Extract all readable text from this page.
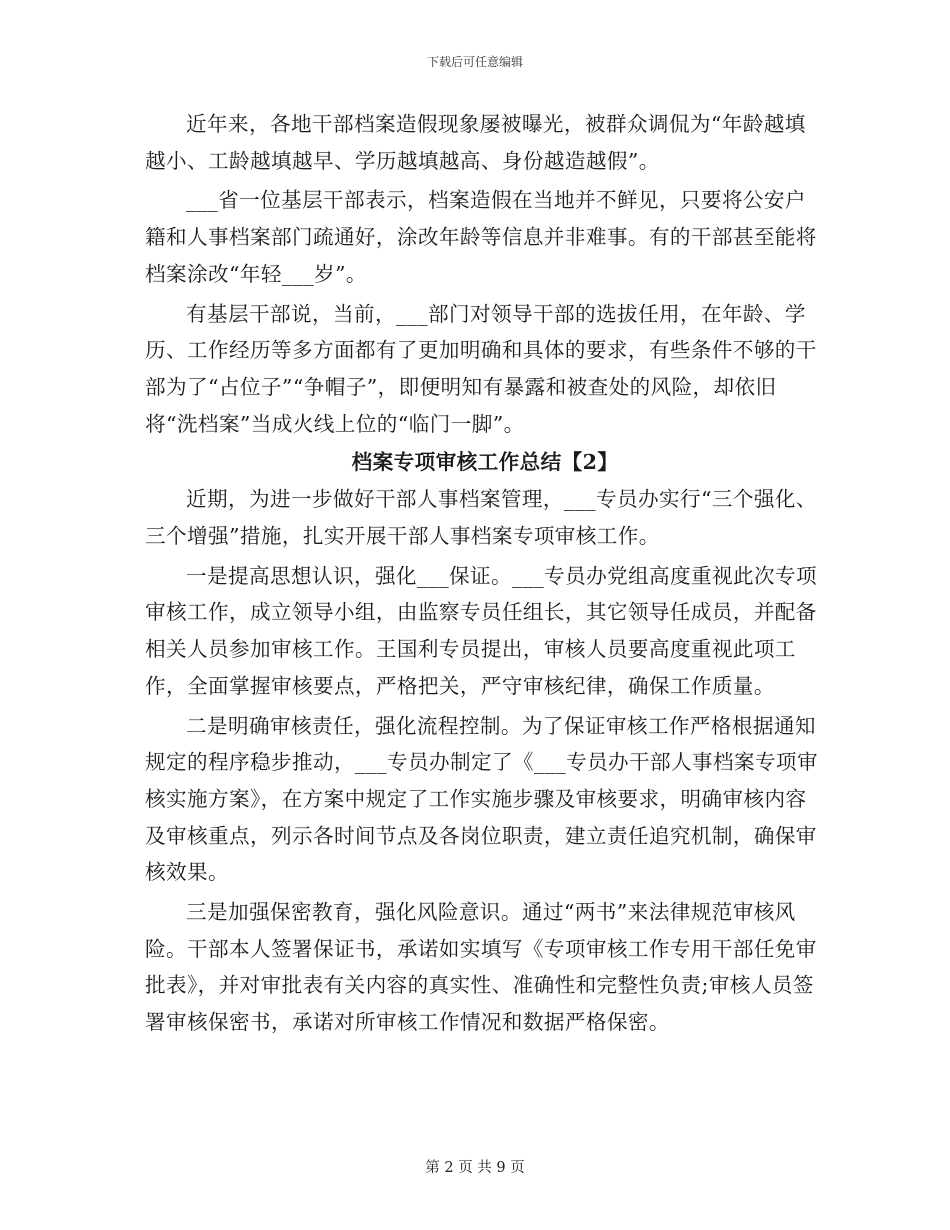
下载后可任意编辑

近年来，各地干部档案造假现象屡被曝光，被群众调侃为“年龄越填越小、工龄越填越早、学历越填越高、身份越造越假”。

___省一位基层干部表示，档案造假在当地并不鲜见，只要将公安户籍和人事档案部门疏通好，涂改年龄等信息并非难事。有的干部甚至能将档案涂改“年轻___岁”。

有基层干部说，当前，___部门对领导干部的选拔任用，在年龄、学历、工作经历等多方面都有了更加明确和具体的要求，有些条件不够的干部为了“占位子”“争帽子”，即便明知有暴露和被查处的风险，却依旧将“洗档案”当成火线上位的“临门一脚”。

档案专项审核工作总结【2】

近期，为进一步做好干部人事档案管理，___专员办实行“三个强化、三个增强”措施，扎实开展干部人事档案专项审核工作。

一是提高思想认识，强化___保证。___专员办党组高度重视此次专项审核工作，成立领导小组，由监察专员任组长，其它领导任成员，并配备相关人员参加审核工作。王国利专员提出，审核人员要高度重视此项工作，全面掌握审核要点，严格把关，严守审核纪律，确保工作质量。

二是明确审核责任，强化流程控制。为了保证审核工作严格根据通知规定的程序稳步推动，___专员办制定了《___专员办干部人事档案专项审核实施方案》，在方案中规定了工作实施步骤及审核要求，明确审核内容及审核重点，列示各时间节点及各岗位职责，建立责任追究机制，确保审核效果。

三是加强保密教育，强化风险意识。通过“两书”来法律规范审核风险。干部本人签署保证书，承诺如实填写《专项审核工作专用干部任免审批表》，并对审批表有关内容的真实性、准确性和完整性负责;审核人员签署审核保密书，承诺对所审核工作情况和数据严格保密。

第 2 页 共 9 页
